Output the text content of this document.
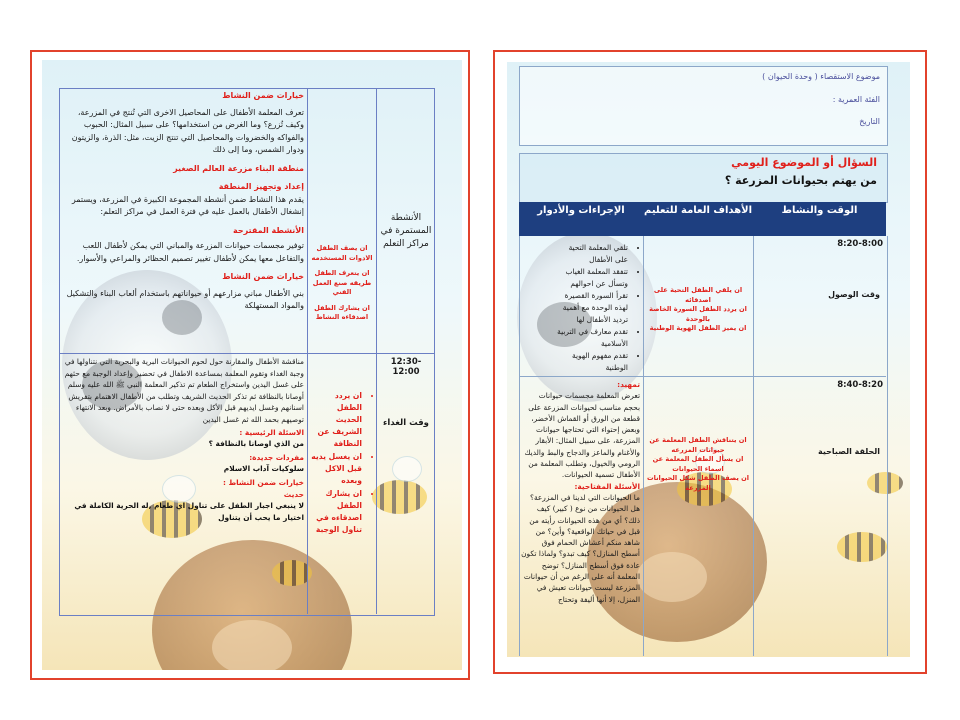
خيارات ضمن النشاط
تعرف المعلمة الأطفال على المحاصيل الاخرى التي تُنتج في المزرعة، وكيف تُزرع؟ وما الغرض من استخدامها؟ على سبيل المثال: الحبوب والفواكه والخضروات والمحاصيل التي تنتج الزيت، مثل: الذرة، والزيتون ودوار الشمس، وما إلى ذلك
منطقة البناء مزرعة العالم الصغير
إعداد وتجهيز المنطقة
يقدم هذا النشاط ضمن أنشطة المجموعة الكبيرة في المزرعة، ويستمر إنشغال الأطفال بالعمل عليه في فترة العمل في مراكز التعلم:
الأنشطة المقترحة
توفير مجسمات حيوانات المزرعة والمباني التي يمكن لأطفال اللعب والتفاعل معها يمكن لأطفال تغيير تصميم الحظائر والمراعي والأسوار.
خيارات ضمن النشاط
بني الأطفال مباني مزارعهم أو حيواناتهم باستخدام ألعاب البناء والتشكيل والمواد المستهلكة
ان يصف الطفل الادوات المستخدمه
ان يتعرف الطفل طريقه صنع العمل الفني
ان يشارك الطفل اصدقاءه النشاط
الأنشطة المستمرة في مراكز التعلم
مناقشة الأطفال والمقارنة حول لحوم الحيوانات البرية والبحرية التي نتناولها في وجبة الغداء وتقوم المعلمة بمساعدة الاطفال في تحضير وإعداد الوجبة مع حثهم على غسل اليدين واستخراج الطعام تم تذكير المعلمة النبي ﷺ الله عليه وسلم أوصانا بالنظافة ثم تذكر الحديث الشريف وتطلب من الأطفال الاهتمام بتفريش اسنانهم وغسل ايديهم قبل الأكل وبعده حتى لا نصاب بالأمراض. وبعد الانتهاء توصيهم بحمد الله ثم غسل اليدين
الاسئلة الرئيسية :
من الذي اوصانا بالنظافة ؟
مفردات جديدة:
سلوكيات آداب الاسلام
خيارات ضمن النشاط :
حديث
لا ينبغي اجبار الطفل على تناول اي طعام ,له الحرية الكاملة في اختيار ما يحب أن يتناول
• ان يردد الطفل الحديث الشريف عن النظافة
• ان يغسل يديه قبل الاكل وبعده
• ان يشارك الطفل اصدقاءه في تناول الوجبة
12:30-12:00
وقت الغداء
موضوع الاستقصاء ( وحدة الحيوان )
الفئة العمرية :
التاريخ
السؤال أو الموضوع اليومي
من يهتم بحيوانات المزرعة ؟
الإجراءات والأدوار	الأهداف العامة للتعليم	الوقت والنشاط
8:20-8:00
وقت الوصول
ان يلقي الطفل التحية على اصدقائه
ان يردد الطفل السورة الخاصة بالوحدة
ان يميز الطفل الهوية الوطنية
• تلقي المعلمة التحية على الأطفال
• تتفقد المعلمة الغياب وتسأل عن احوالهم
• تقرأ السورة القصيرة لهذه الوحدة مع أهمية ترديد الأطفال لها
• تقدم معارف في التربية الأسلامية
• تقدم مفهوم الهوية الوطنية
8:40-8:20
الحلقة الصباحية
ان يتناقش الطفل المعلمة عن حيوانات المزرعه
ان يسأل الطفل المعلمة عن اسماء الحيوانات
ان يصف الطفل شكل الحيوانات المزرعة
تمهيد:
تعرض المعلمة مجسمات حيوانات بحجم مناسب لحيوانات المزرعة على قطعة من الورق أو القماش الأخضر، وبعض إحتواء التي تحتاجها حيوانات المزرعة، على سبيل المثال: الأبقار والأغنام والماعز والدجاج والبط والديك الرومي والخيول، وتطلب المعلمة من الأطفال تسمية الحيوانات.
الأسئلة المفتاحية:
ما الحيوانات التي لدينا في المزرعة؟ هل الحيوانات من نوع ( كبير) كيف ذلك؟ أي من هذه الحيوانات رأيته من قبل في حياتك الواقعية؟ وأين؟ من شاهد منكم أعشاش الحمام فوق أسطح المنازل؟ كيف تبدو؟ ولماذا تكون عادة فوق أسطح المنازل؟ توضح المعلمة أنه على الرغم من أن حيوانات المزرعة ليست حيوانات تعيش في المنزل، إلا أنها أليفة وتحتاج
